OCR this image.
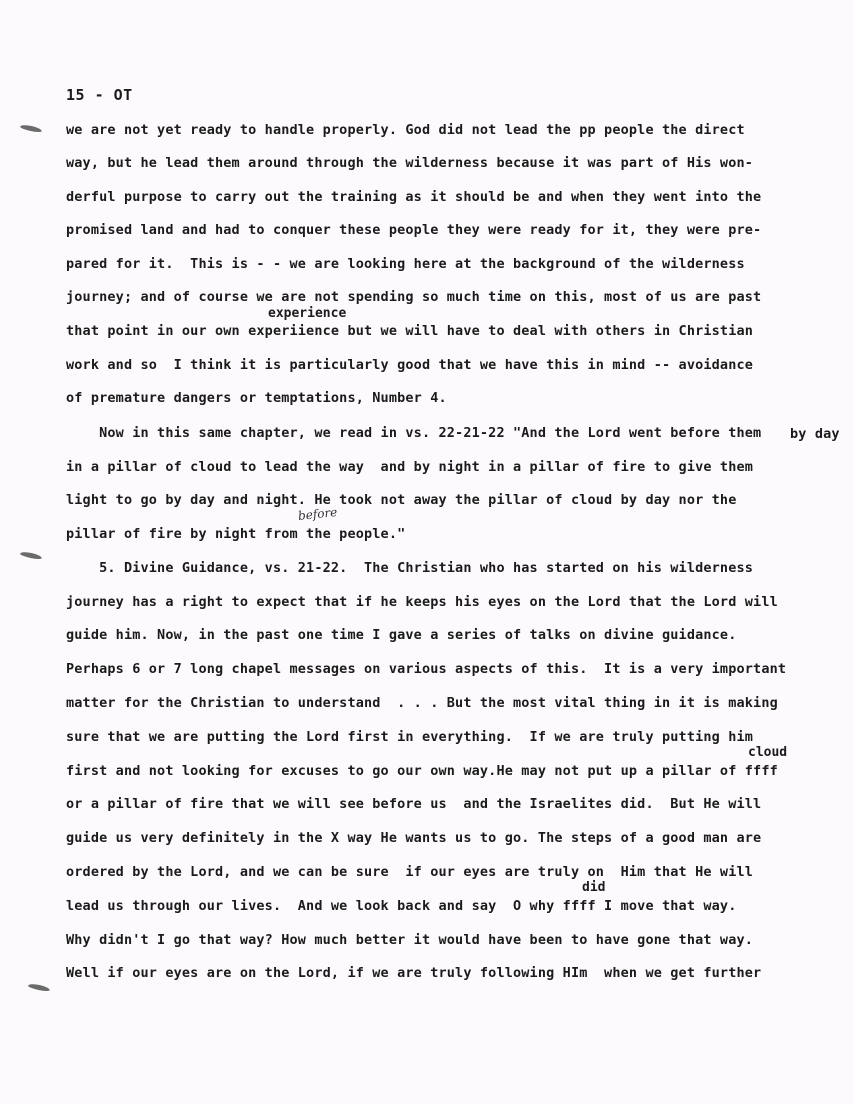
15 - OT
experience
by day
before
cloud
did
we are not yet ready to handle properly. God did not lead the pp people the direct
way, but he lead them around through the wilderness because it was part of His won-
derful purpose to carry out the training as it should be and when they went into the
promised land and had to conquer these people they were ready for it, they were pre-
pared for it.  This is - - we are looking here at the background of the wilderness
journey; and of course we are not spending so much time on this, most of us are past
that point in our own experiience but we will have to deal with others in Christian
work and so  I think it is particularly good that we have this in mind -- avoidance
of premature dangers or temptations, Number 4.
Now in this same chapter, we read in vs. 22-21-22 "And the Lord went before them
in a pillar of cloud to lead the way  and by night in a pillar of fire to give them
light to go by day and night. He took not away the pillar of cloud by day nor the
pillar of fire by night from the people."
5. Divine Guidance, vs. 21-22.  The Christian who has started on his wilderness
journey has a right to expect that if he keeps his eyes on the Lord that the Lord will
guide him. Now, in the past one time I gave a series of talks on divine guidance.
Perhaps 6 or 7 long chapel messages on various aspects of this.  It is a very important
matter for the Christian to understand  . . . But the most vital thing in it is making
sure that we are putting the Lord first in everything.  If we are truly putting him
first and not looking for excuses to go our own way.He may not put up a pillar of ffff
or a pillar of fire that we will see before us  and the Israelites did.  But He will
guide us very definitely in the X way He wants us to go. The steps of a good man are
ordered by the Lord, and we can be sure  if our eyes are truly on  Him that He will
lead us through our lives.  And we look back and say  O why ffff I move that way.
Why didn't I go that way? How much better it would have been to have gone that way.
Well if our eyes are on the Lord, if we are truly following HIm  when we get further
